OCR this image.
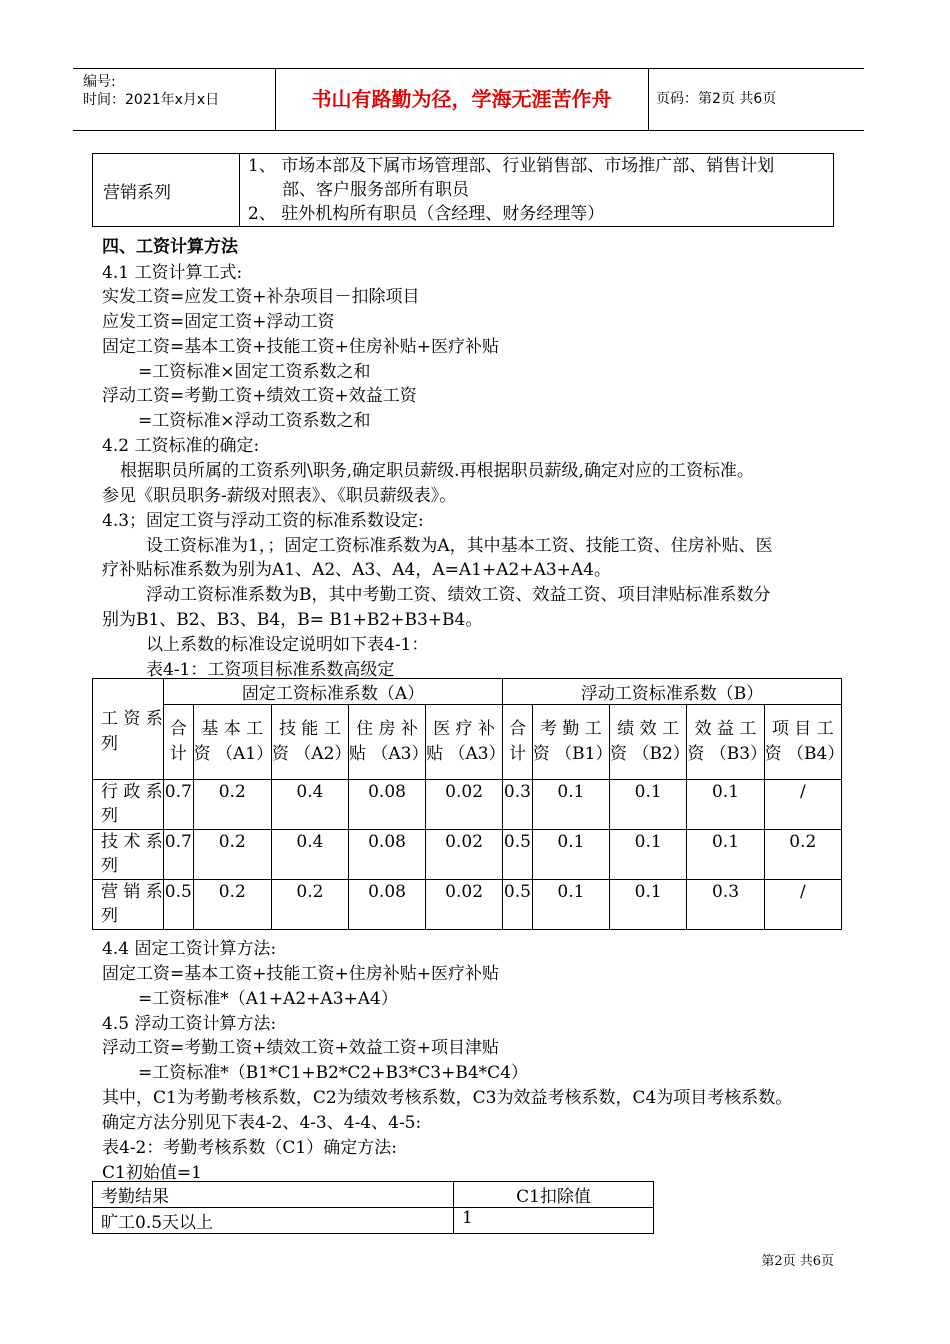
编号:
时间：2021年x月x日	书山有路勤为径，学海无涯苦作舟	页码：第2页 共6页
营销系列	
1、 市场本部及下属市场管理部、行业销售部、市场推广部、销售计划
部、客户服务部所有职员
2、 驻外机构所有职员（含经理、财务经理等）
四、工资计算方法
4.1 工资计算工式:
实发工资=应发工资+补杂项目－扣除项目
应发工资=固定工资+浮动工资
固定工资=基本工资+技能工资+住房补贴+医疗补贴
=工资标准×固定工资系数之和
浮动工资=考勤工资+绩效工资+效益工资
=工资标准×浮动工资系数之和
4.2 工资标准的确定:
根据职员所属的工资系列\职务,确定职员薪级.再根据职员薪级,确定对应的工资标准。
参见《职员职务-薪级对照表》、《职员薪级表》。
4.3；固定工资与浮动工资的标准系数设定:
设工资标准为1，；固定工资标准系数为A，其中基本工资、技能工资、住房补贴、医
疗补贴标准系数为别为A1、A2、A3、A4，A=A1+A2+A3+A4。
浮动工资标准系数为B，其中考勤工资、绩效工资、效益工资、项目津贴标准系数分
别为B1、B2、B3、B4，B= B1+B2+B3+B4。
以上系数的标准设定说明如下表4-1：
表4-1：工资项目标准系数高级定
工 资 系列	固定工资标准系数（A）					浮动工资标准系数（B）				
	合计	基 本 工 资 （A1）	技 能 工资 （A2）	住 房 补贴 （A3）	医 疗 补贴 （A3）	合计	考 勤 工资 （B1）	绩 效 工资 （B2）	效 益 工资 （B3）	项 目 工资 （B4）
行 政 系列	0.7	0.2	0.4	0.08	0.02	0.3	0.1	0.1	0.1	/
技 术 系列	0.7	0.2	0.4	0.08	0.02	0.5	0.1	0.1	0.1	0.2
营 销 系列	0.5	0.2	0.2	0.08	0.02	0.5	0.1	0.1	0.3	/
4.4 固定工资计算方法:
固定工资=基本工资+技能工资+住房补贴+医疗补贴
=工资标准*（A1+A2+A3+A4）
4.5 浮动工资计算方法:
浮动工资=考勤工资+绩效工资+效益工资+项目津贴
=工资标准*（B1*C1+B2*C2+B3*C3+B4*C4）
其中，C1为考勤考核系数，C2为绩效考核系数，C3为效益考核系数，C4为项目考核系数。
确定方法分别见下表4-2、4-3、4-4、4-5:
表4-2：考勤考核系数（C1）确定方法:
C1初始值=1
考勤结果	C1扣除值
旷工0.5天以上	1
第2页 共6页
